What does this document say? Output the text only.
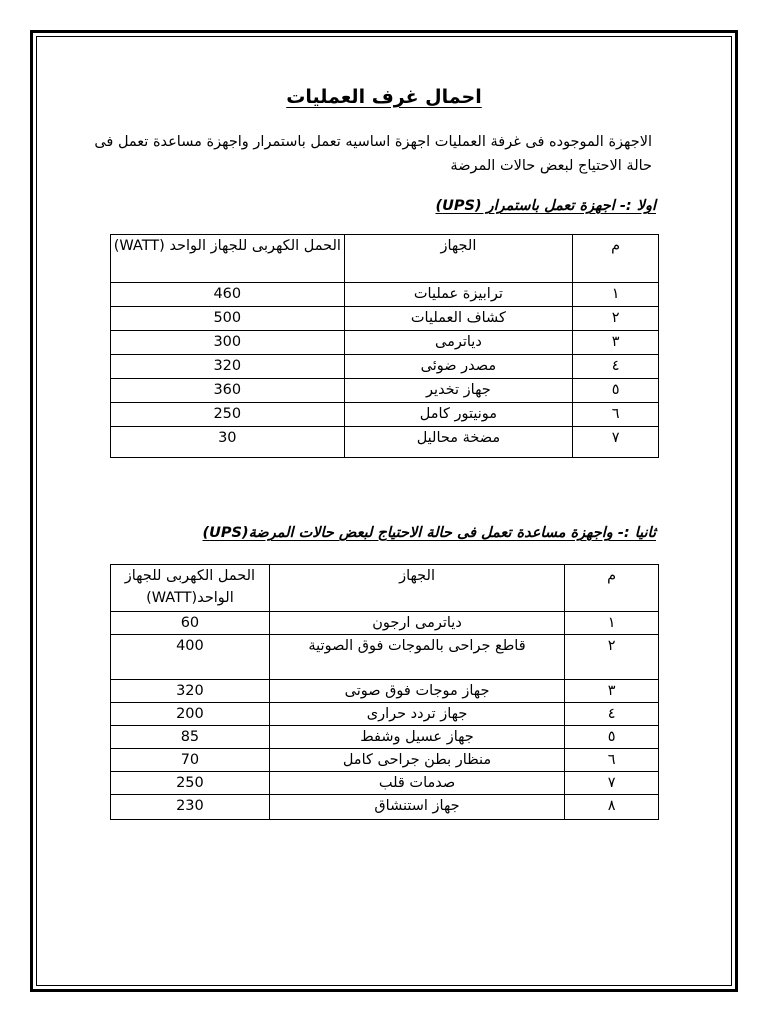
احمال غرف العمليات
الاجهزة الموجوده فى غرفة العمليات اجهزة اساسيه تعمل باستمرار واجهزة مساعدة تعمل فى حالة الاحتياج لبعض حالات المرضة
اولا :- اجهزة تعمل باستمرار (UPS)
م	الجهاز	الحمل الكهربى للجهاز الواحد (WATT)
١	ترابيزة عمليات	460
٢	كشاف العمليات	500
٣	دياترمى	300
٤	مصدر ضوئى	320
٥	جهاز تخدير	360
٦	مونيتور كامل	250
٧	مضخة محاليل	30
ثانيا :- واجهزة مساعدة تعمل فى حالة الاحتياج لبعض حالات المرضة(UPS)
م	الجهاز	الحمل الكهربى للجهاز الواحد(WATT)
١	دياترمى ارجون	60
٢	قاطع جراحى بالموجات فوق الصوتية	400
٣	جهاز موجات فوق صوتى	320
٤	جهاز تردد حرارى	200
٥	جهاز عسيل وشفط	85
٦	منظار بطن جراحى كامل	70
٧	صدمات قلب	250
٨	جهاز استنشاق	230
